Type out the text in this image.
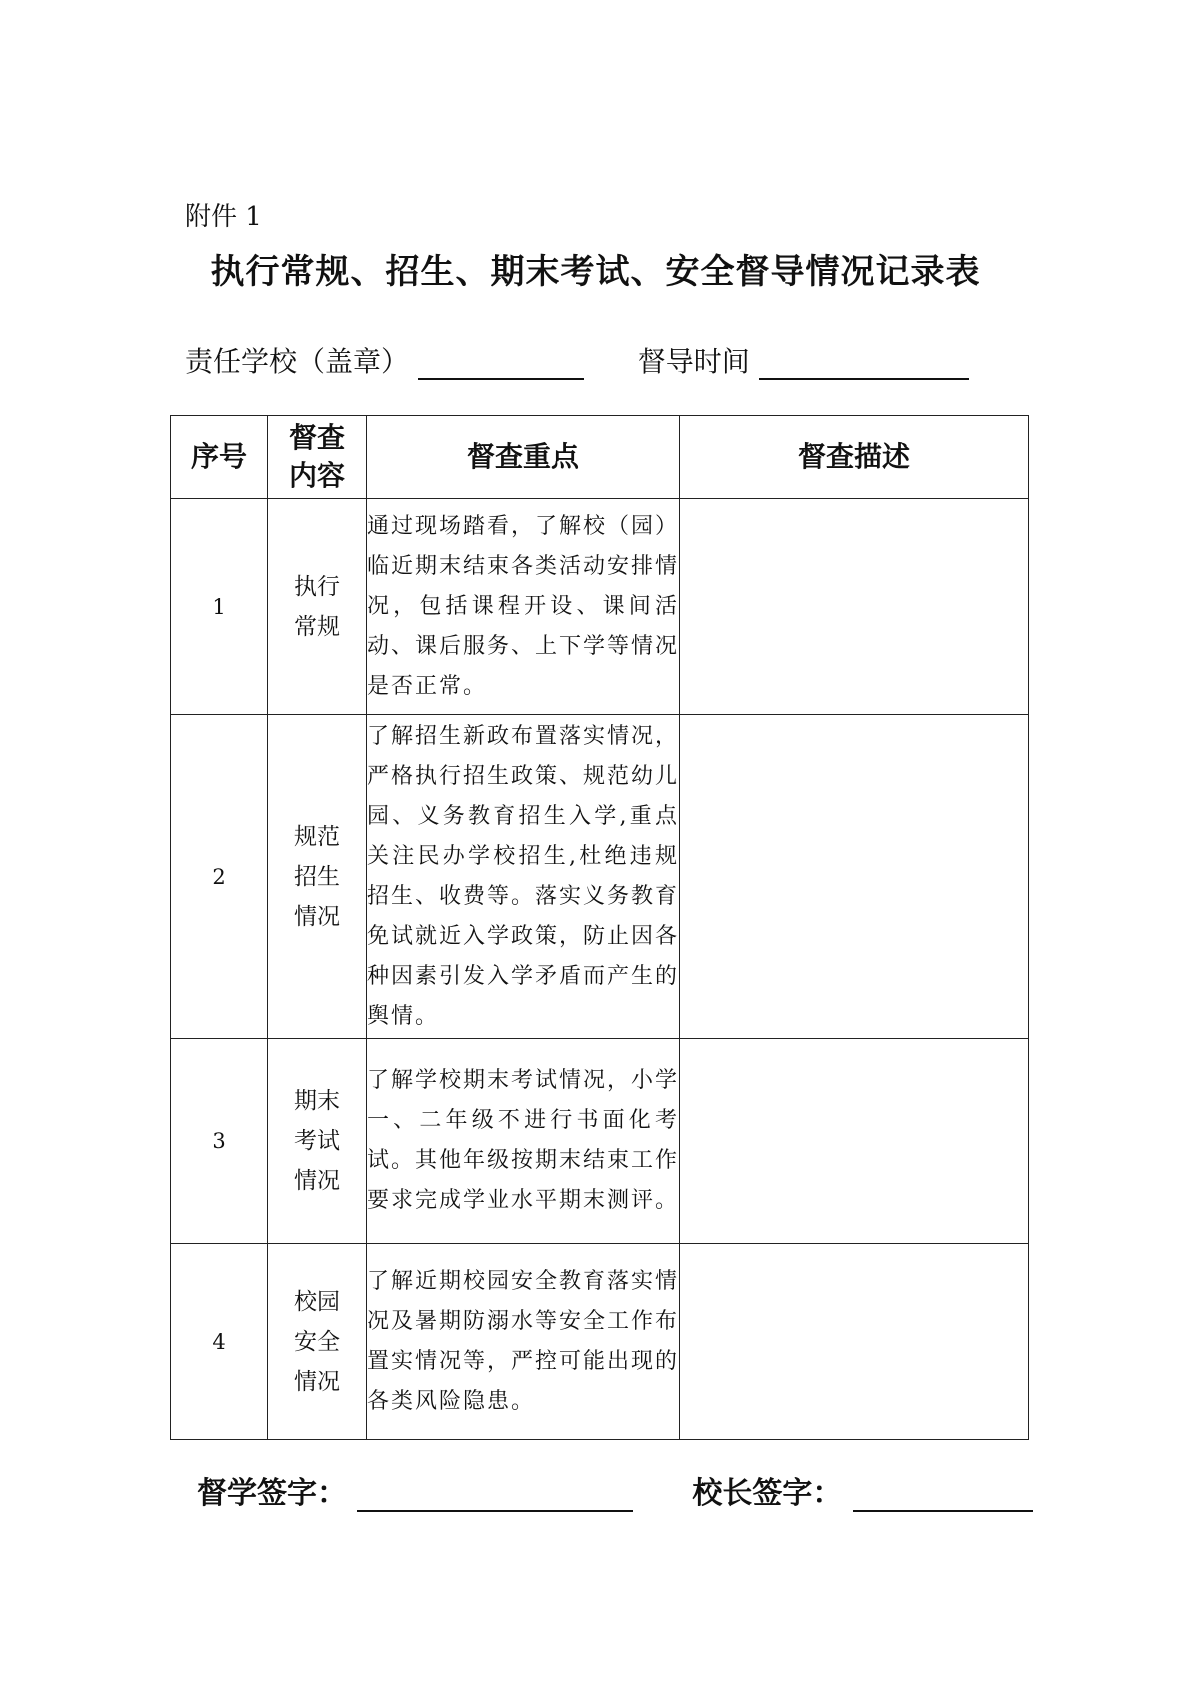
附件 1
执行常规、招生、期末考试、安全督导情况记录表
责任学校（盖章）	督导时间
序号	督查内容	督查重点	督查描述
1	执行
常规	通过现场踏看，了解校（园）临近期末结束各类活动安排情况，包括课程开设、课间活动、课后服务、上下学等情况是否正常。	
2	规范
招生
情况	了解招生新政布置落实情况，严格执行招生政策、规范幼儿园、义务教育招生入学,重点关注民办学校招生,杜绝违规招生、收费等。落实义务教育免试就近入学政策，防止因各种因素引发入学矛盾而产生的舆情。	
3	期末
考试
情况	了解学校期末考试情况，小学一、二年级不进行书面化考试。其他年级按期末结束工作要求完成学业水平期末测评。	
4	校园
安全
情况	了解近期校园安全教育落实情况及暑期防溺水等安全工作布置实情况等，严控可能出现的各类风险隐患。	
督学签字：	校长签字：
